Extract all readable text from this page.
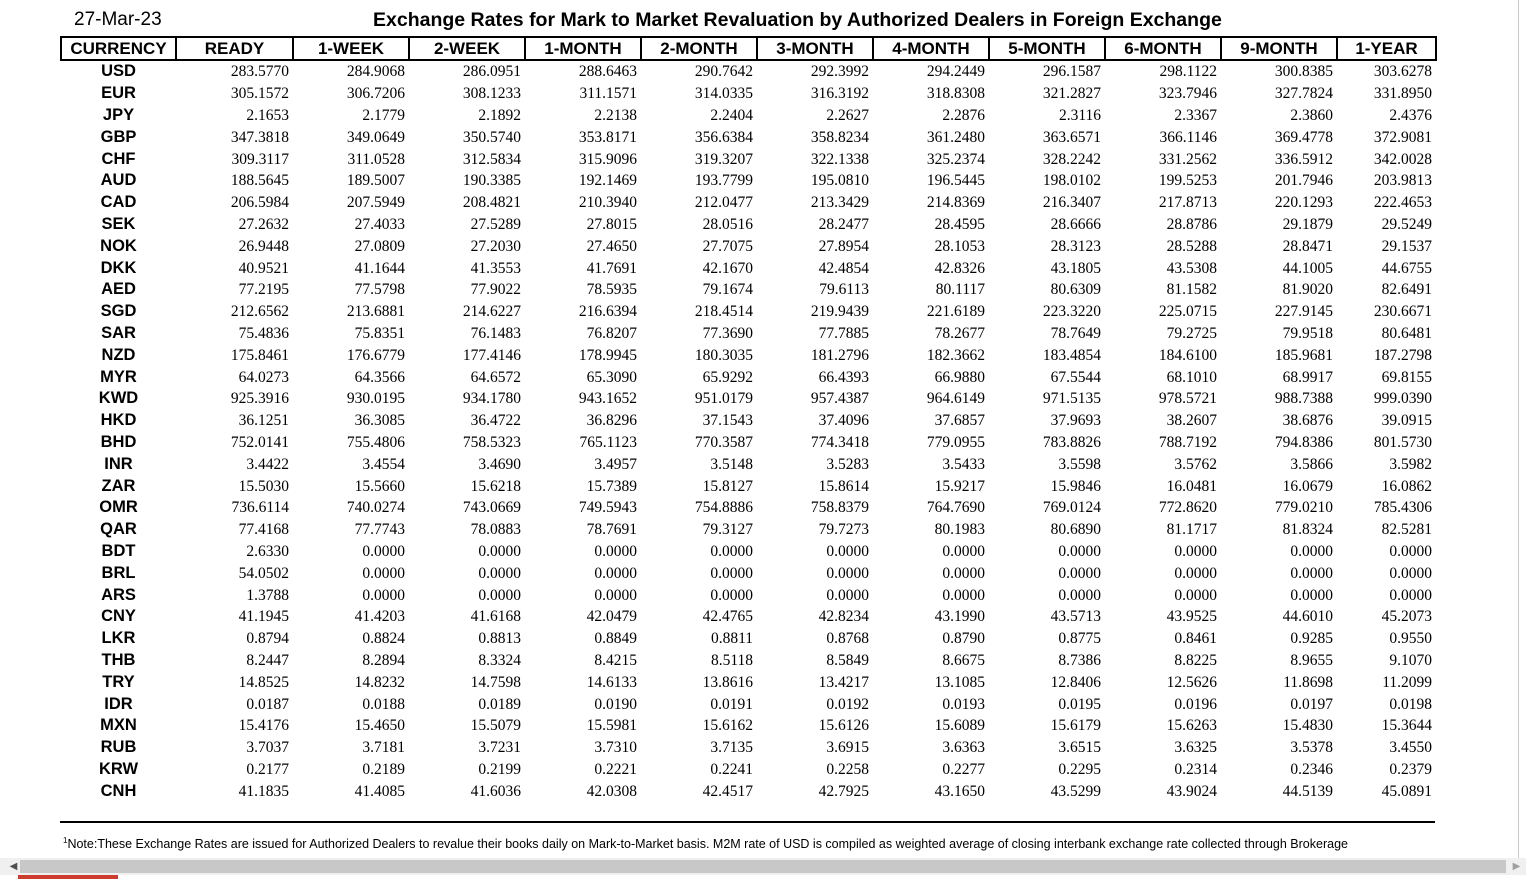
27-Mar-23	Exchange Rates for Mark to Market Revaluation by Authorized Dealers in Foreign Exchange
CURRENCY	READY	1-WEEK	2-WEEK	1-MONTH	2-MONTH	3-MONTH	4-MONTH	5-MONTH	6-MONTH	9-MONTH	1-YEAR
USD	283.5770	284.9068	286.0951	288.6463	290.7642	292.3992	294.2449	296.1587	298.1122	300.8385	303.6278
EUR	305.1572	306.7206	308.1233	311.1571	314.0335	316.3192	318.8308	321.2827	323.7946	327.7824	331.8950
JPY	2.1653	2.1779	2.1892	2.2138	2.2404	2.2627	2.2876	2.3116	2.3367	2.3860	2.4376
GBP	347.3818	349.0649	350.5740	353.8171	356.6384	358.8234	361.2480	363.6571	366.1146	369.4778	372.9081
CHF	309.3117	311.0528	312.5834	315.9096	319.3207	322.1338	325.2374	328.2242	331.2562	336.5912	342.0028
AUD	188.5645	189.5007	190.3385	192.1469	193.7799	195.0810	196.5445	198.0102	199.5253	201.7946	203.9813
CAD	206.5984	207.5949	208.4821	210.3940	212.0477	213.3429	214.8369	216.3407	217.8713	220.1293	222.4653
SEK	27.2632	27.4033	27.5289	27.8015	28.0516	28.2477	28.4595	28.6666	28.8786	29.1879	29.5249
NOK	26.9448	27.0809	27.2030	27.4650	27.7075	27.8954	28.1053	28.3123	28.5288	28.8471	29.1537
DKK	40.9521	41.1644	41.3553	41.7691	42.1670	42.4854	42.8326	43.1805	43.5308	44.1005	44.6755
AED	77.2195	77.5798	77.9022	78.5935	79.1674	79.6113	80.1117	80.6309	81.1582	81.9020	82.6491
SGD	212.6562	213.6881	214.6227	216.6394	218.4514	219.9439	221.6189	223.3220	225.0715	227.9145	230.6671
SAR	75.4836	75.8351	76.1483	76.8207	77.3690	77.7885	78.2677	78.7649	79.2725	79.9518	80.6481
NZD	175.8461	176.6779	177.4146	178.9945	180.3035	181.2796	182.3662	183.4854	184.6100	185.9681	187.2798
MYR	64.0273	64.3566	64.6572	65.3090	65.9292	66.4393	66.9880	67.5544	68.1010	68.9917	69.8155
KWD	925.3916	930.0195	934.1780	943.1652	951.0179	957.4387	964.6149	971.5135	978.5721	988.7388	999.0390
HKD	36.1251	36.3085	36.4722	36.8296	37.1543	37.4096	37.6857	37.9693	38.2607	38.6876	39.0915
BHD	752.0141	755.4806	758.5323	765.1123	770.3587	774.3418	779.0955	783.8826	788.7192	794.8386	801.5730
INR	3.4422	3.4554	3.4690	3.4957	3.5148	3.5283	3.5433	3.5598	3.5762	3.5866	3.5982
ZAR	15.5030	15.5660	15.6218	15.7389	15.8127	15.8614	15.9217	15.9846	16.0481	16.0679	16.0862
OMR	736.6114	740.0274	743.0669	749.5943	754.8886	758.8379	764.7690	769.0124	772.8620	779.0210	785.4306
QAR	77.4168	77.7743	78.0883	78.7691	79.3127	79.7273	80.1983	80.6890	81.1717	81.8324	82.5281
BDT	2.6330	0.0000	0.0000	0.0000	0.0000	0.0000	0.0000	0.0000	0.0000	0.0000	0.0000
BRL	54.0502	0.0000	0.0000	0.0000	0.0000	0.0000	0.0000	0.0000	0.0000	0.0000	0.0000
ARS	1.3788	0.0000	0.0000	0.0000	0.0000	0.0000	0.0000	0.0000	0.0000	0.0000	0.0000
CNY	41.1945	41.4203	41.6168	42.0479	42.4765	42.8234	43.1990	43.5713	43.9525	44.6010	45.2073
LKR	0.8794	0.8824	0.8813	0.8849	0.8811	0.8768	0.8790	0.8775	0.8461	0.9285	0.9550
THB	8.2447	8.2894	8.3324	8.4215	8.5118	8.5849	8.6675	8.7386	8.8225	8.9655	9.1070
TRY	14.8525	14.8232	14.7598	14.6133	13.8616	13.4217	13.1085	12.8406	12.5626	11.8698	11.2099
IDR	0.0187	0.0188	0.0189	0.0190	0.0191	0.0192	0.0193	0.0195	0.0196	0.0197	0.0198
MXN	15.4176	15.4650	15.5079	15.5981	15.6162	15.6126	15.6089	15.6179	15.6263	15.4830	15.3644
RUB	3.7037	3.7181	3.7231	3.7310	3.7135	3.6915	3.6363	3.6515	3.6325	3.5378	3.4550
KRW	0.2177	0.2189	0.2199	0.2221	0.2241	0.2258	0.2277	0.2295	0.2314	0.2346	0.2379
CNH	41.1835	41.4085	41.6036	42.0308	42.4517	42.7925	43.1650	43.5299	43.9024	44.5139	45.0891
$^1$Note:These Exchange Rates are issued for Authorized Dealers to revalue their books daily on Mark-to-Market basis. M2M rate of USD is compiled as weighted average of closing interbank exchange rate collected through Brokerage
◀	▶
